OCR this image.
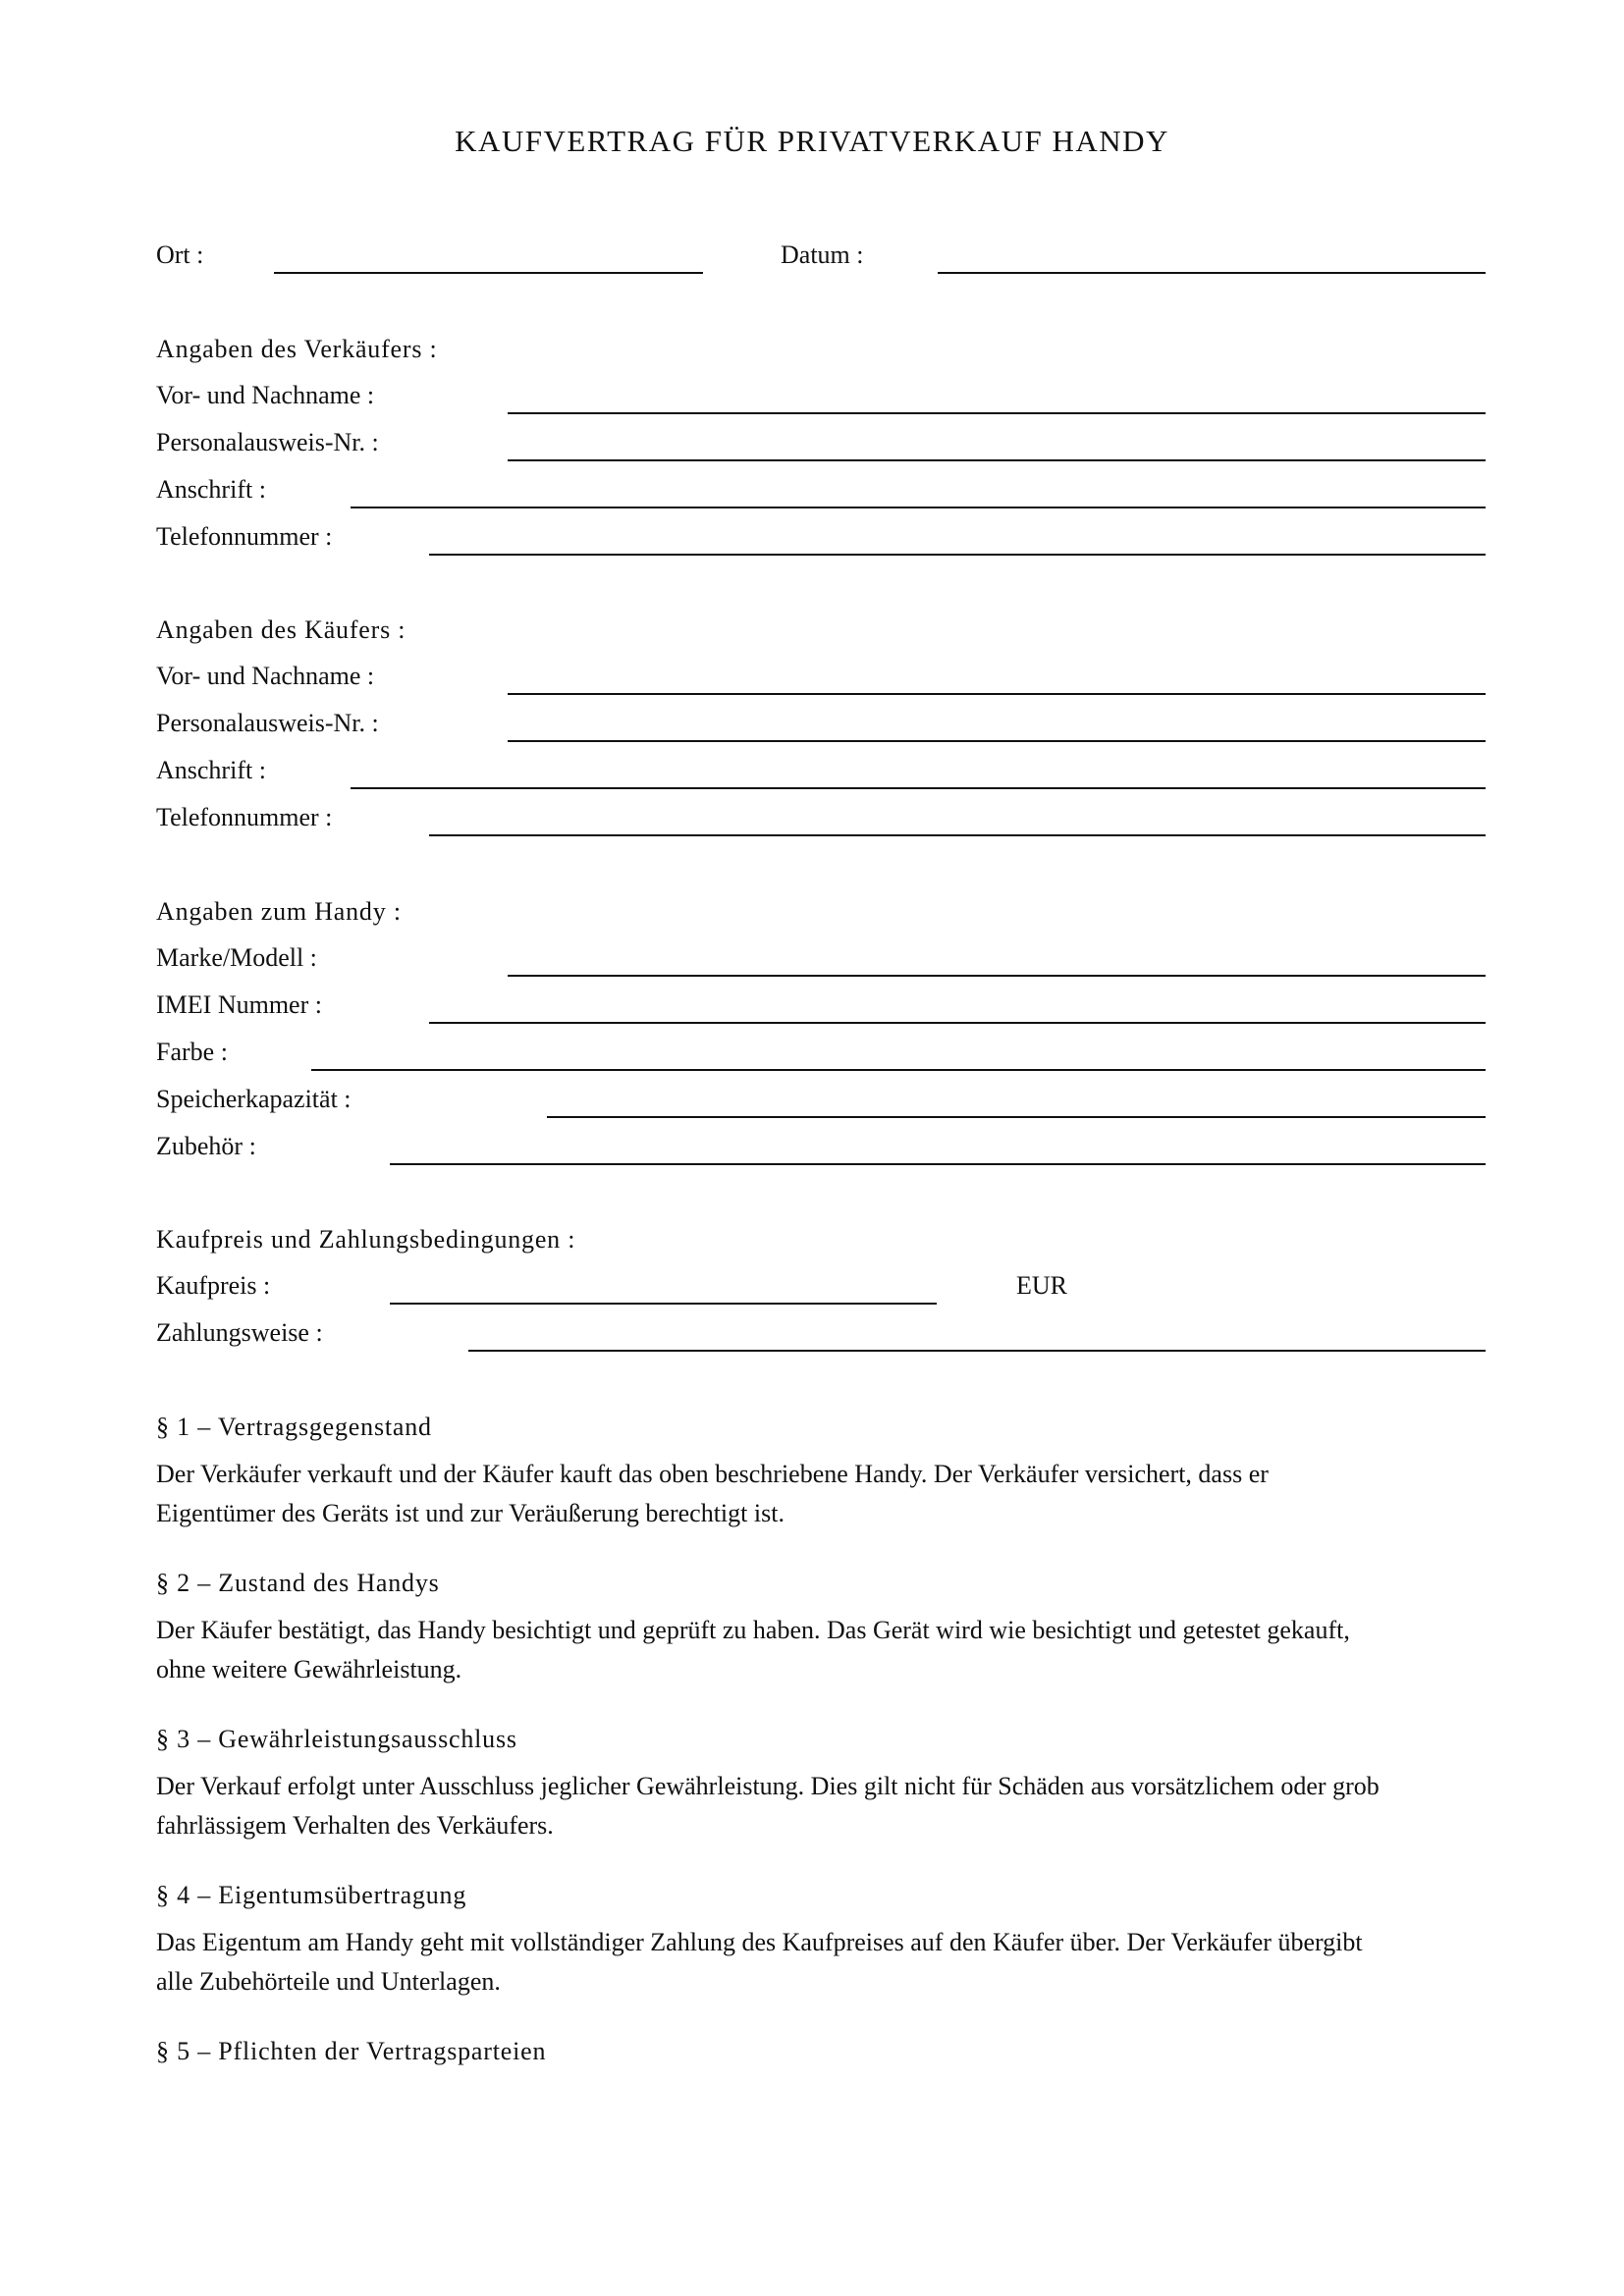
KAUFVERTRAG FÜR PRIVATVERKAUF HANDY
Ort :	Datum :
Angaben des Verkäufers :
Vor- und Nachname :
Personalausweis-Nr. :
Anschrift :
Telefonnummer :
Angaben des Käufers :
Vor- und Nachname :
Personalausweis-Nr. :
Anschrift :
Telefonnummer :
Angaben zum Handy :
Marke/Modell :
IMEI Nummer :
Farbe :
Speicherkapazität :
Zubehör :
Kaufpreis und Zahlungsbedingungen :
Kaufpreis :	EUR
Zahlungsweise :
§ 1 – Vertragsgegenstand
Der Verkäufer verkauft und der Käufer kauft das oben beschriebene Handy. Der Verkäufer versichert, dass er
Eigentümer des Geräts ist und zur Veräußerung berechtigt ist.
§ 2 – Zustand des Handys
Der Käufer bestätigt, das Handy besichtigt und geprüft zu haben. Das Gerät wird wie besichtigt und getestet gekauft,
ohne weitere Gewährleistung.
§ 3 – Gewährleistungsausschluss
Der Verkauf erfolgt unter Ausschluss jeglicher Gewährleistung. Dies gilt nicht für Schäden aus vorsätzlichem oder grob
fahrlässigem Verhalten des Verkäufers.
§ 4 – Eigentumsübertragung
Das Eigentum am Handy geht mit vollständiger Zahlung des Kaufpreises auf den Käufer über. Der Verkäufer übergibt
alle Zubehörteile und Unterlagen.
§ 5 – Pflichten der Vertragsparteien
